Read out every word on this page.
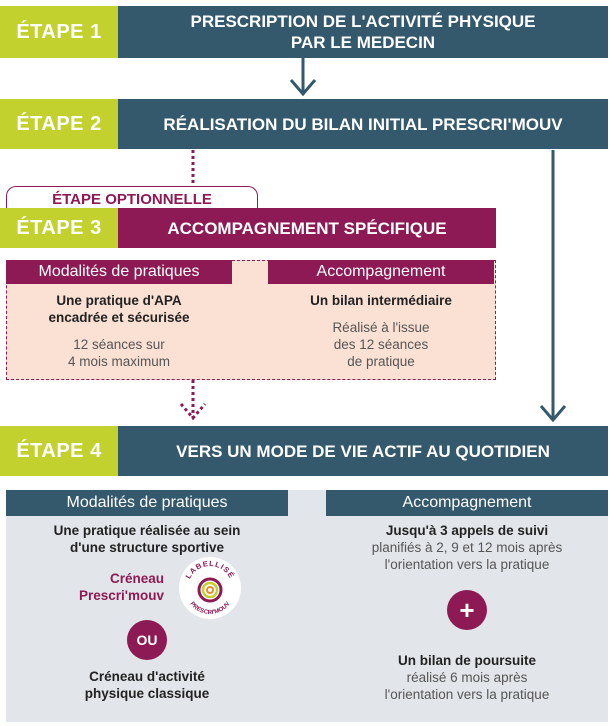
ÉTAPE 1	PRESCRIPTION DE L'ACTIVITÉ PHYSIQUE
PAR LE MEDECIN
ÉTAPE 2	RÉALISATION DU BILAN INITIAL PRESCRI'MOUV
ÉTAPE OPTIONNELLE
ÉTAPE 3	ACCOMPAGNEMENT SPÉCIFIQUE
Modalités de pratiques	Accompagnement
Une pratique d'APA
encadrée et sécurisée
12 séances sur
4 mois maximum
Un bilan intermédiaire
Réalisé à l'issue
des 12 séances
de pratique
ÉTAPE 4	VERS UN MODE DE VIE ACTIF AU QUOTIDIEN
Modalités de pratiques	Accompagnement
Une pratique réalisée au sein
d'une structure sportive
Créneau
Prescri'mouv
LABELLISÉ
PRESCRI'MOUV
OU
Créneau d'activité
physique classique
Jusqu'à 3 appels de suivi
planifiés à 2, 9 et 12 mois après
l'orientation vers la pratique
+
Un bilan de poursuite
réalisé 6 mois après
l'orientation vers la pratique
